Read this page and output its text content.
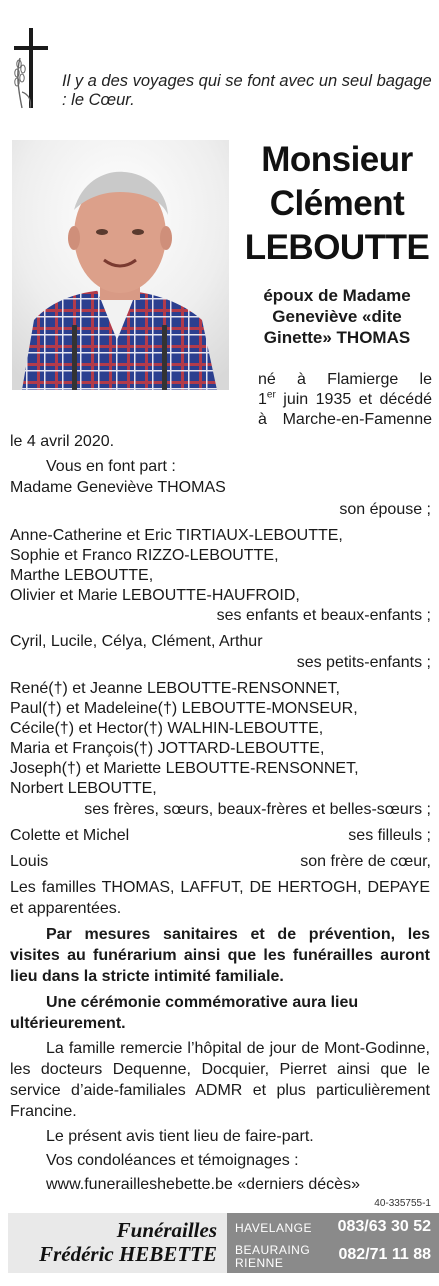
Il y a des voyages qui se font avec un seul bagage : le Cœur.
Monsieur
Clément
LEBOUTTE
époux de Madame
Geneviève «dite
Ginette» THOMAS
né à Flamierge le
1er juin 1935 et décédé
à Marche-en-Famenne
le 4 avril 2020.
Vous en font part :
Madame Geneviève THOMAS
son épouse ;
Anne-Catherine et Eric TIRTIAUX-LEBOUTTE,
Sophie et Franco RIZZO-LEBOUTTE,
Marthe LEBOUTTE,
Olivier et Marie LEBOUTTE-HAUFROID,
ses enfants et beaux-enfants ;
Cyril, Lucile, Célya, Clément, Arthur
ses petits-enfants ;
René(†) et Jeanne LEBOUTTE-RENSONNET,
Paul(†) et Madeleine(†) LEBOUTTE-MONSEUR,
Cécile(†) et Hector(†) WALHIN-LEBOUTTE,
Maria et François(†) JOTTARD-LEBOUTTE,
Joseph(†) et Mariette LEBOUTTE-RENSONNET,
Norbert LEBOUTTE,
ses frères, sœurs, beaux-frères et belles-sœurs ;
Colette et Michel	ses filleuls ;
Louis	son frère de cœur,
Les familles THOMAS, LAFFUT, DE HERTOGH, DEPAYE et apparentées.
Par mesures sanitaires et de prévention, les visites au funérarium ainsi que les funérailles auront lieu dans la stricte intimité familiale.
Une cérémonie commémorative aura lieu ultérieurement.
La famille remercie l’hôpital de jour de Mont-Godinne, les docteurs Dequenne, Docquier, Pierret ainsi que le service d’aide-familiales ADMR et plus particulièrement Francine.
Le présent avis tient lieu de faire-part.
Vos condoléances et témoignages :
www.funerailleshebette.be «derniers décès»
40-335755-1
Funérailles
Frédéric HEBETTE
HAVELANGE 083/63 30 52
BEAURAING
RIENNE	082/71 11 88
